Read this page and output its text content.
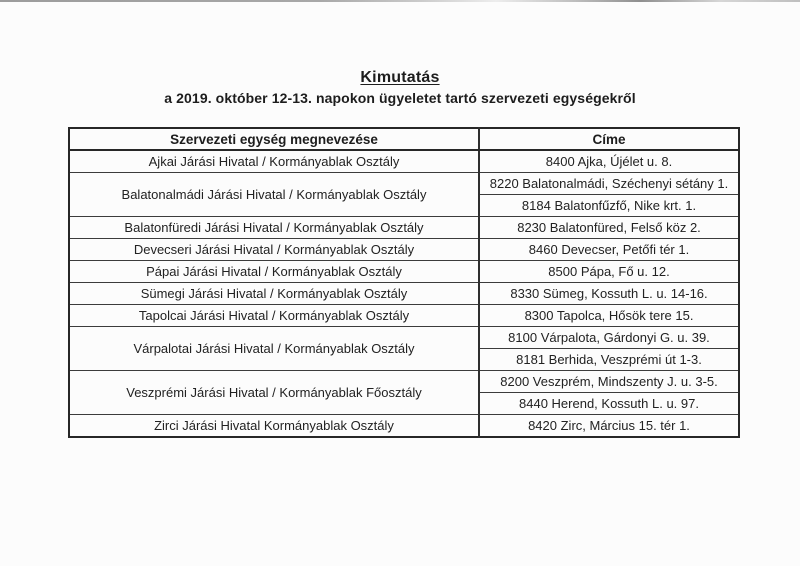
Kimutatás
a 2019. október 12-13. napokon ügyeletet tartó szervezeti egységekről
Szervezeti egység megnevezése	Címe
Ajkai Járási Hivatal / Kormányablak Osztály	8400 Ajka, Újélet u. 8.
Balatonalmádi Járási Hivatal / Kormányablak Osztály	8220 Balatonalmádi, Széchenyi sétány 1.
	8184 Balatonfűzfő, Nike krt. 1.
Balatonfüredi Járási Hivatal / Kormányablak Osztály	8230 Balatonfüred, Felső köz 2.
Devecseri Járási Hivatal / Kormányablak Osztály	8460 Devecser, Petőfi tér 1.
Pápai Járási Hivatal / Kormányablak Osztály	8500 Pápa, Fő u. 12.
Sümegi Járási Hivatal / Kormányablak Osztály	8330 Sümeg, Kossuth L. u. 14-16.
Tapolcai Járási Hivatal / Kormányablak Osztály	8300 Tapolca, Hősök tere 15.
Várpalotai Járási Hivatal / Kormányablak Osztály	8100 Várpalota, Gárdonyi G. u. 39.
	8181 Berhida, Veszprémi út 1-3.
Veszprémi Járási Hivatal / Kormányablak Főosztály	8200 Veszprém, Mindszenty J. u. 3-5.
	8440 Herend, Kossuth L. u. 97.
Zirci Járási Hivatal Kormányablak Osztály	8420 Zirc, Március 15. tér 1.
